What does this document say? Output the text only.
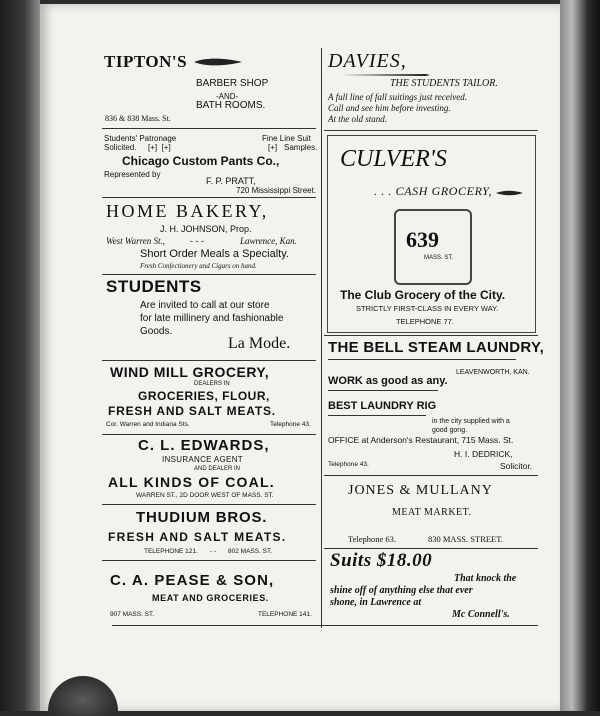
TIPTON'S
BARBER SHOP
-AND-
BATH ROOMS.
836 & 838 Mass. St.
Students' Patronage
Solicited. [+]  [+]
Fine Line Suit
[+] Samples.
Chicago Custom Pants Co.,
Represented by
F. P. PRATT,
720 Mississippi Street.
HOME BAKERY,
J. H. JOHNSON, Prop.
West Warren St.,	- - -	Lawrence, Kan.
Short Order Meals a Specialty.
Fresh Confectionery and Cigars on hand.
STUDENTS
Are invited to call at our store
for late millinery and fashionable
Goods.
La Mode.
WIND MILL GROCERY,
DEALERS IN
GROCERIES, FLOUR,
FRESH AND SALT MEATS.
Cor. Warren and Indiana Sts.	Telephone 43.
C. L. EDWARDS,
INSURANCE AGENT
AND DEALER IN
ALL KINDS OF COAL.
WARREN ST., 2D DOOR WEST OF MASS. ST.
THUDIUM BROS.
FRESH AND SALT MEATS.
TELEPHONE 121. - - 802 MASS. ST.
C. A. PEASE & SON,
MEAT AND GROCERIES.
907 MASS. ST.	TELEPHONE 141.
DAVIES,
THE STUDENTS TAILOR.
A full line of fall suitings just received.
Call and see him before investing.
At the old stand.
CULVER'S
. . . CASH GROCERY,
639
MASS. ST.
The Club Grocery of the City.
STRICTLY FIRST-CLASS IN EVERY WAY.
TELEPHONE 77.
THE BELL STEAM LAUNDRY,
LEAVENWORTH, KAN.
WORK as good as any.
BEST LAUNDRY RIG
in the city supplied with a
good gong.
OFFICE at Anderson's Restaurant, 715 Mass. St.
H. I. DEDRICK,
Telephone 43.	Solicitor.
JONES & MULLANY
MEAT MARKET.
Telephone 63.	830 MASS. STREET.
Suits $18.00
That knock the
shine off of anything else that ever
shone, in Lawrence at
Mc Connell's.
